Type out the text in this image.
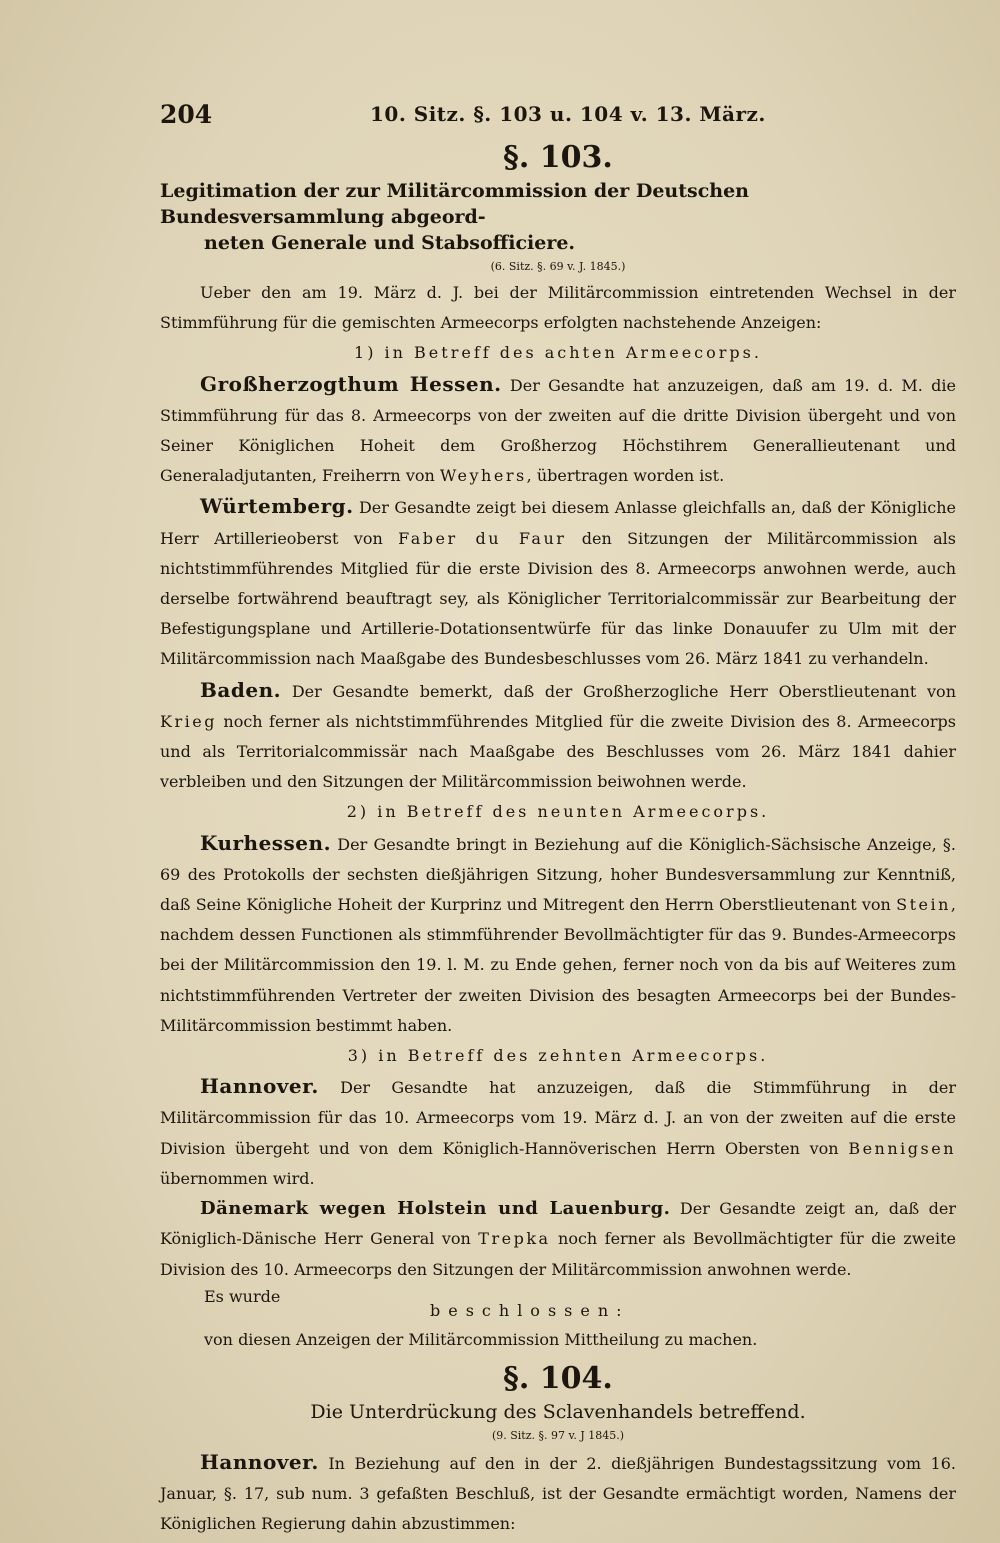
204	10. Sitz. §. 103 u. 104 v. 13. März.
§. 103.
Legitimation der zur Militärcommission der Deutschen Bundesversammlung abgeord-
neten Generale und Stabsofficiere.
(6. Sitz. §. 69 v. J. 1845.)

Ueber den am 19. März d. J. bei der Militärcommission eintretenden Wechsel in der Stimmführung für die gemischten Armeecorps erfolgten nachstehende Anzeigen:

1) in Betreff des achten Armeecorps.

Großherzogthum Hessen. Der Gesandte hat anzuzeigen, daß am 19. d. M. die Stimmführung für das 8. Armeecorps von der zweiten auf die dritte Division übergeht und von Seiner Königlichen Hoheit dem Großherzog Höchstihrem Generallieutenant und Generaladjutanten, Freiherrn von Weyhers, übertragen worden ist.

Würtemberg. Der Gesandte zeigt bei diesem Anlasse gleichfalls an, daß der Königliche Herr Artillerieoberst von Faber du Faur den Sitzungen der Militärcommission als nichtstimmführendes Mitglied für die erste Division des 8. Armeecorps anwohnen werde, auch derselbe fortwährend beauftragt sey, als Königlicher Territorialcommissär zur Bearbeitung der Befestigungsplane und Artillerie-Dotationsentwürfe für das linke Donauufer zu Ulm mit der Militärcommission nach Maaßgabe des Bundesbeschlusses vom 26. März 1841 zu verhandeln.

Baden. Der Gesandte bemerkt, daß der Großherzogliche Herr Oberstlieutenant von Krieg noch ferner als nichtstimmführendes Mitglied für die zweite Division des 8. Armeecorps und als Territorialcommissär nach Maaßgabe des Beschlusses vom 26. März 1841 dahier verbleiben und den Sitzungen der Militärcommission beiwohnen werde.

2) in Betreff des neunten Armeecorps.

Kurhessen. Der Gesandte bringt in Beziehung auf die Königlich-Sächsische Anzeige, §. 69 des Protokolls der sechsten dießjährigen Sitzung, hoher Bundesversammlung zur Kenntniß, daß Seine Königliche Hoheit der Kurprinz und Mitregent den Herrn Oberstlieutenant von Stein, nachdem dessen Functionen als stimmführender Bevollmächtigter für das 9. Bundes-Armeecorps bei der Militärcommission den 19. l. M. zu Ende gehen, ferner noch von da bis auf Weiteres zum nichtstimmführenden Vertreter der zweiten Division des besagten Armeecorps bei der Bundes-Militärcommission bestimmt haben.

3) in Betreff des zehnten Armeecorps.

Hannover. Der Gesandte hat anzuzeigen, daß die Stimmführung in der Militärcommission für das 10. Armeecorps vom 19. März d. J. an von der zweiten auf die erste Division übergeht und von dem Königlich-Hannöverischen Herrn Obersten von Bennigsen übernommen wird.

Dänemark wegen Holstein und Lauenburg. Der Gesandte zeigt an, daß der Königlich-Dänische Herr General von Trepka noch ferner als Bevollmächtigter für die zweite Division des 10. Armeecorps den Sitzungen der Militärcommission anwohnen werde.

Es wurde
beschlossen:

von diesen Anzeigen der Militärcommission Mittheilung zu machen.

§. 104.
Die Unterdrückung des Sclavenhandels betreffend.
(9. Sitz. §. 97 v. J 1845.)

Hannover. In Beziehung auf den in der 2. dießjährigen Bundestagssitzung vom 16. Januar, §. 17, sub num. 3 gefaßten Beschluß, ist der Gesandte ermächtigt worden, Namens der Königlichen Regierung dahin abzustimmen:
